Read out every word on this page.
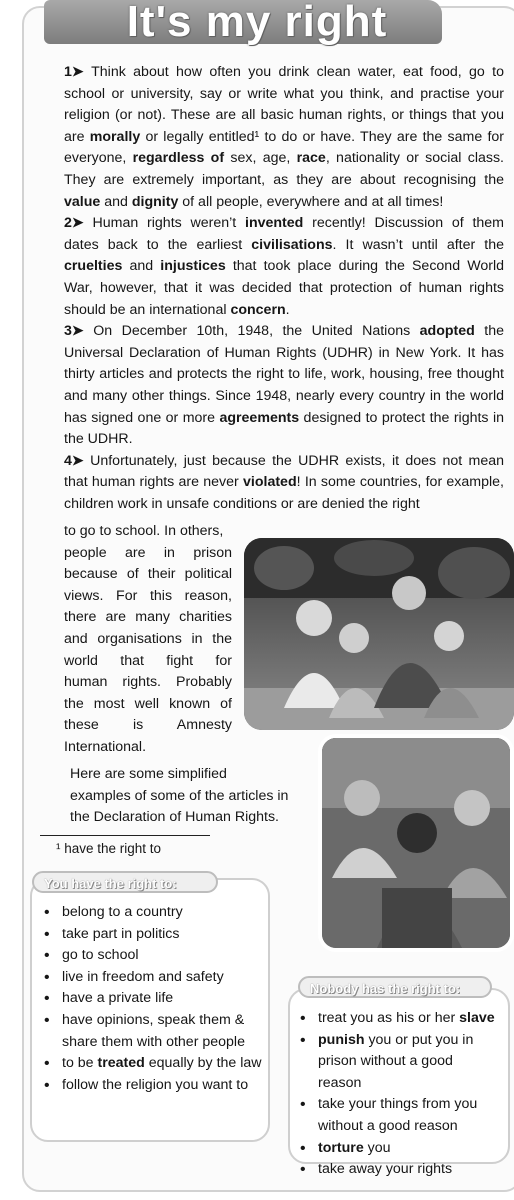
It's my right

1➤ Think about how often you drink clean water, eat food, go to school or university, say or write what you think, and practise your religion (or not). These are all basic human rights, or things that you are morally or legally entitled¹ to do or have. They are the same for everyone, regardless of sex, age, race, nationality or social class. They are extremely important, as they are about recognising the value and dignity of all people, everywhere and at all times!

2➤ Human rights weren’t invented recently! Discussion of them dates back to the earliest civilisations. It wasn’t until after the cruelties and injustices that took place during the Second World War, however, that it was decided that protection of human rights should be an international concern.

3➤ On December 10th, 1948, the United Nations adopted the Universal Declaration of Human Rights (UDHR) in New York. It has thirty articles and protects the right to life, work, housing, free thought and many other things. Since 1948, nearly every country in the world has signed one or more agreements designed to protect the rights in the UDHR.

4➤ Unfortunately, just because the UDHR exists, it does not mean that human rights are never violated! In some countries, for example, children work in unsafe conditions or are denied the right

to go to school. In others,
people are in prison
because of their political
views. For this reason,
there are many charities
and organisations in the
world that fight for
human rights. Probably
the most well known of
these is Amnesty
International.
Here are some simplified
examples of some of the articles in
the Declaration of Human Rights.

¹ have the right to

• belong to a country
• take part in politics
• go to school
• live in freedom and safety
• have a private life
• have opinions, speak them & share them with other people
• to be treated equally by the law
• follow the religion you want to
You have the right to:
• treat you as his or her slave
• punish you or put you in prison without a good reason
• take your things from you without a good reason
• torture you
• take away your rights
Nobody has the right to:
